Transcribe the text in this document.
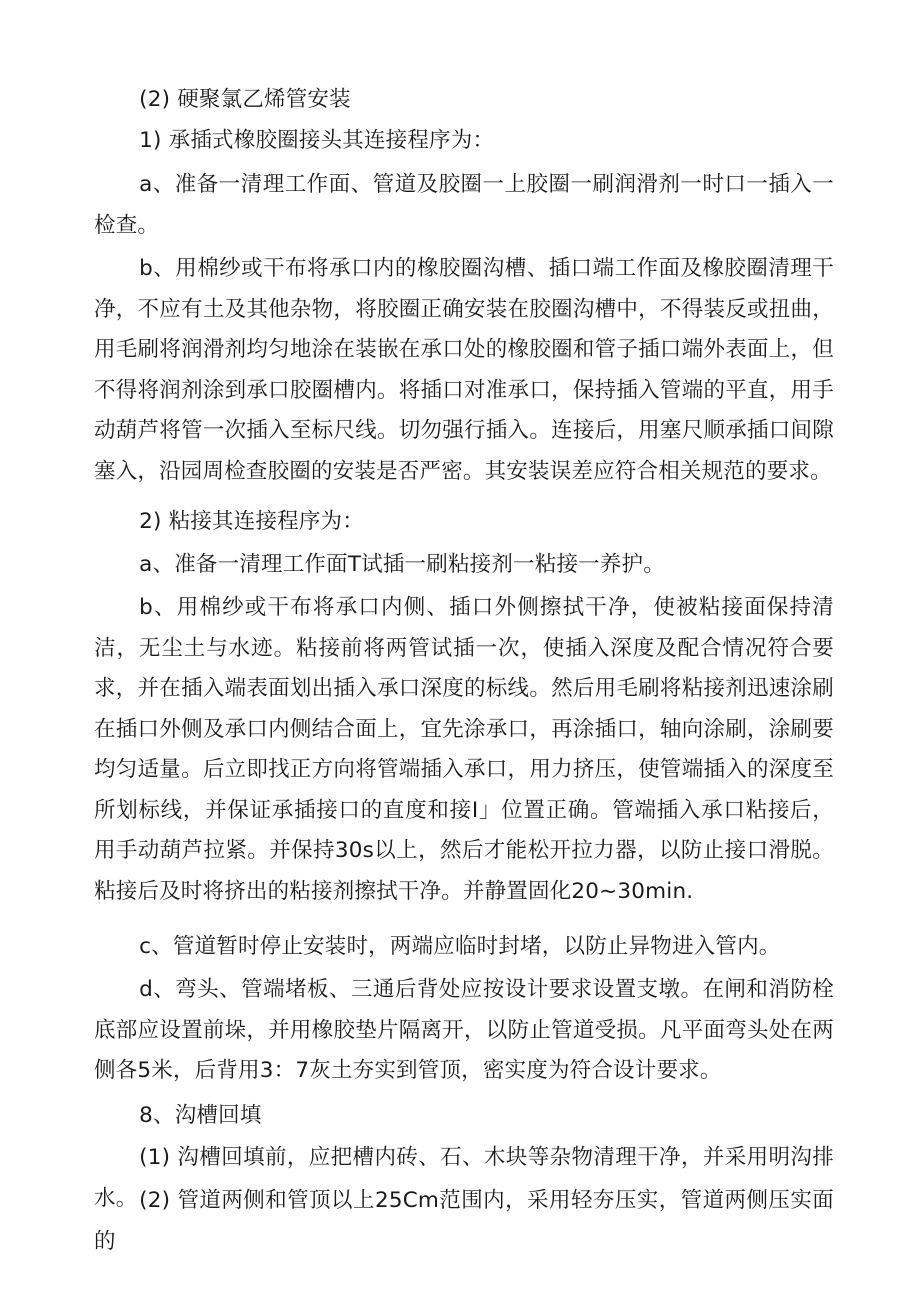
(2) 硬聚氯乙烯管安装

1) 承插式橡胶圈接头其连接程序为：

a、准备一清理工作面、管道及胶圈一上胶圈一刷润滑剂一时口一插入一检查。

b、用棉纱或干布将承口内的橡胶圈沟槽、插口端工作面及橡胶圈清理干净，不应有土及其他杂物，将胶圈正确安装在胶圈沟槽中，不得装反或扭曲，用毛刷将润滑剂均匀地涂在装嵌在承口处的橡胶圈和管子插口端外表面上，但不得将润剂涂到承口胶圈槽内。将插口对准承口，保持插入管端的平直，用手动葫芦将管一次插入至标尺线。切勿强行插入。连接后，用塞尺顺承插口间隙塞入，沿园周检查胶圈的安装是否严密。其安装误差应符合相关规范的要求。

2) 粘接其连接程序为：

a、准备一清理工作面T试插一刷粘接剂一粘接一养护。

b、用棉纱或干布将承口内侧、插口外侧擦拭干净，使被粘接面保持清洁，无尘土与水迹。粘接前将两管试插一次，使插入深度及配合情况符合要求，并在插入端表面划出插入承口深度的标线。然后用毛刷将粘接剂迅速涂刷在插口外侧及承口内侧结合面上，宜先涂承口，再涂插口，轴向涂刷，涂刷要均匀适量。后立即找正方向将管端插入承口，用力挤压，使管端插入的深度至所划标线，并保证承插接口的直度和接I」位置正确。管端插入承口粘接后，用手动葫芦拉紧。并保持30s以上，然后才能松开拉力器，以防止接口滑脱。粘接后及时将挤出的粘接剂擦拭干净。并静置固化20~30min.

c、管道暂时停止安装时，两端应临时封堵，以防止异物进入管内。

d、弯头、管端堵板、三通后背处应按设计要求设置支墩。在闸和消防栓底部应设置前垛，并用橡胶垫片隔离开，以防止管道受损。凡平面弯头处在两侧各5米，后背用3：7灰土夯实到管顶，密实度为符合设计要求。

8、沟槽回填

(1) 沟槽回填前，应把槽内砖、石、木块等杂物清理干净，并采用明沟排水。 (2) 管道两侧和管顶以上25Cm范围内，采用轻夯压实，管道两侧压实面的
